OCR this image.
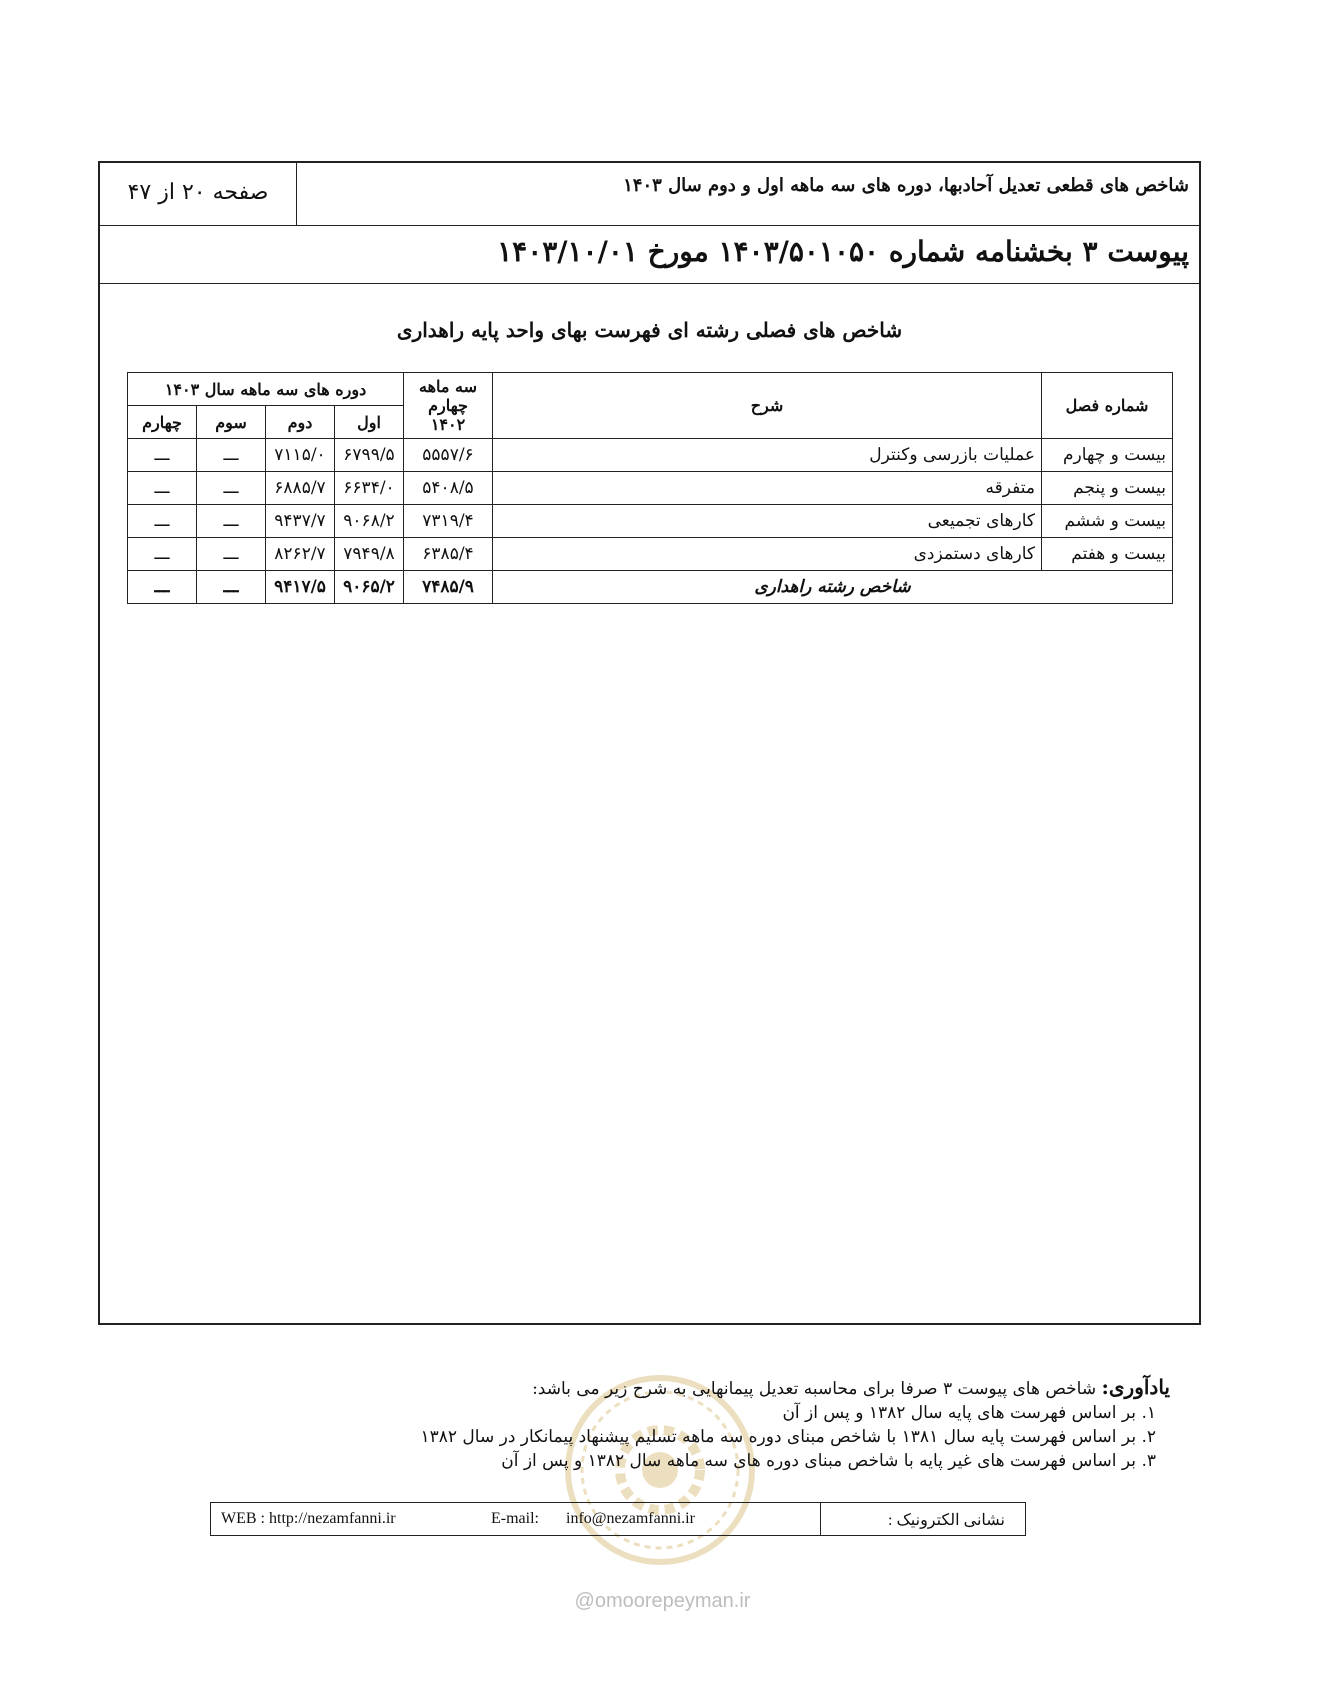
شاخص های قطعی تعدیل آحادبها، دوره های سه ماهه اول و دوم سال ۱۴۰۳
صفحه ۲۰ از ۴۷
پیوست ۳ بخشنامه شماره ۱۴۰۳/۵۰۱۰۵۰ مورخ ۱۴۰۳/۱۰/۰۱
شاخص های فصلی رشته ای فهرست بهای واحد پایه راهداری
شماره فصل	شرح	سه ماهه چهارم ۱۴۰۲	دوره های سه ماهه سال ۱۴۰۳			
			اول	دوم	سوم	چهارم
بیست و چهارم	عملیات بازرسی وکنترل	۵۵۵۷/۶	۶۷۹۹/۵	۷۱۱۵/۰	ـــ	ـــ
بیست و پنجم	متفرقه	۵۴۰۸/۵	۶۶۳۴/۰	۶۸۸۵/۷	ـــ	ـــ
بیست و ششم	کارهای تجمیعی	۷۳۱۹/۴	۹۰۶۸/۲	۹۴۳۷/۷	ـــ	ـــ
بیست و هفتم	کارهای دستمزدی	۶۳۸۵/۴	۷۹۴۹/۸	۸۲۶۲/۷	ـــ	ـــ
شاخص رشته راهداری		۷۴۸۵/۹	۹۰۶۵/۲	۹۴۱۷/۵	ـــ	ـــ
یادآوری: شاخص های پیوست ۳ صرفا برای محاسبه تعدیل پیمانهایی به شرح زیر می باشد:
۱. بر اساس فهرست های پایه سال ۱۳۸۲ و پس از آن
۲. بر اساس فهرست پایه سال ۱۳۸۱ با شاخص مبنای دوره سه ماهه تسلیم پیشنهاد پیمانکار در سال ۱۳۸۲
۳. بر اساس فهرست های غیر پایه با شاخص مبنای دوره های سه ماهه سال ۱۳۸۲ و پس از آن
WEB : http://nezamfanni.ir	E-mail: info@nezamfanni.ir	نشانی الکترونیک :
@omoorepeyman.ir
